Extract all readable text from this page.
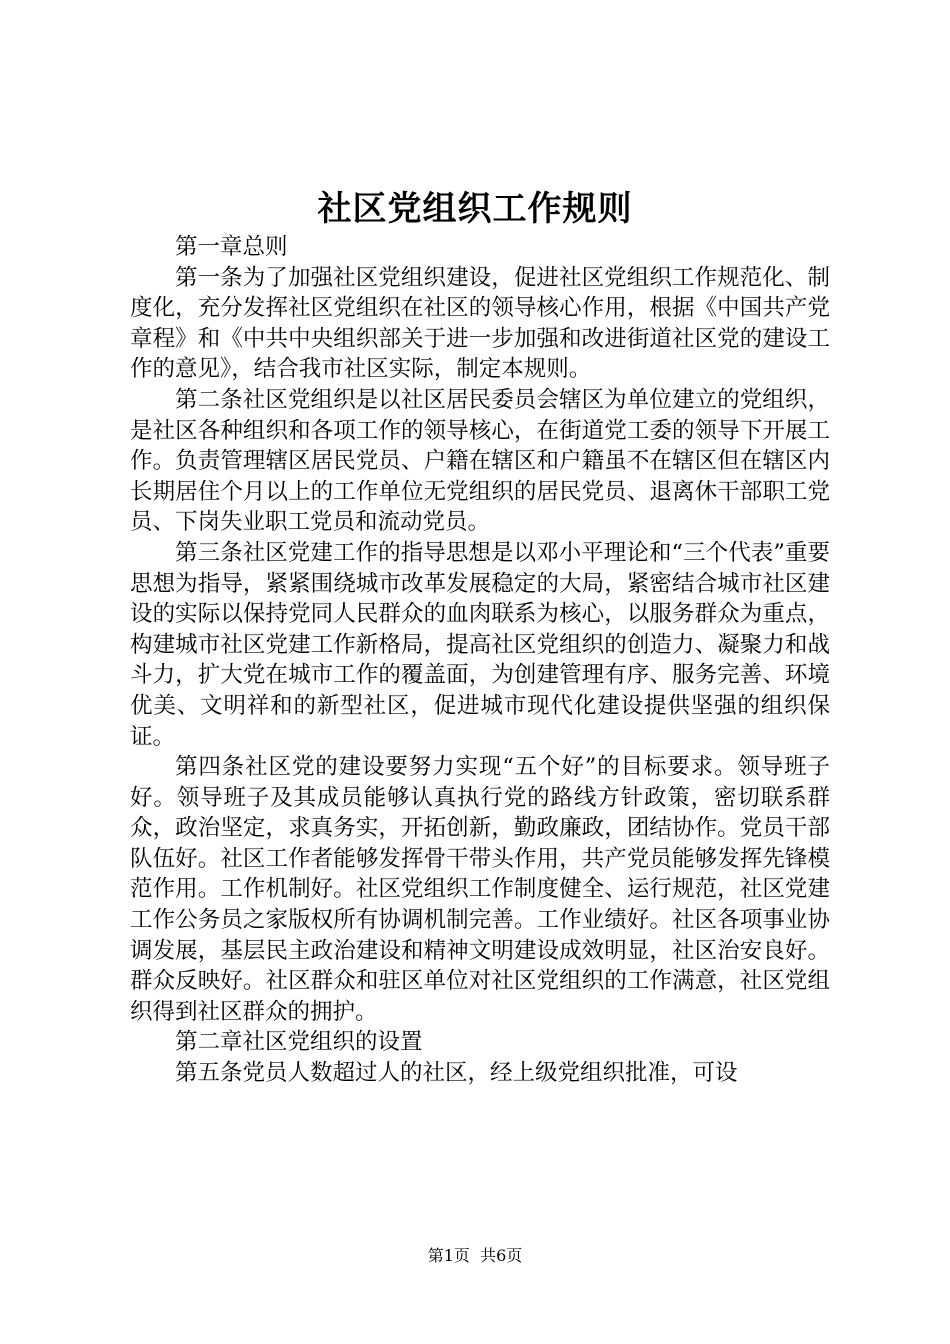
社区党组织工作规则

第一章总则

第一条为了加强社区党组织建设，促进社区党组织工作规范化、制度化，充分发挥社区党组织在社区的领导核心作用，根据《中国共产党章程》和《中共中央组织部关于进一步加强和改进街道社区党的建设工作的意见》，结合我市社区实际，制定本规则。

第二条社区党组织是以社区居民委员会辖区为单位建立的党组织，是社区各种组织和各项工作的领导核心，在街道党工委的领导下开展工作。负责管理辖区居民党员、户籍在辖区和户籍虽不在辖区但在辖区内长期居住个月以上的工作单位无党组织的居民党员、退离休干部职工党员、下岗失业职工党员和流动党员。

第三条社区党建工作的指导思想是以邓小平理论和“三个代表”重要思想为指导，紧紧围绕城市改革发展稳定的大局，紧密结合城市社区建设的实际以保持党同人民群众的血肉联系为核心，以服务群众为重点，构建城市社区党建工作新格局，提高社区党组织的创造力、凝聚力和战斗力，扩大党在城市工作的覆盖面，为创建管理有序、服务完善、环境优美、文明祥和的新型社区，促进城市现代化建设提供坚强的组织保证。

第四条社区党的建设要努力实现“五个好”的目标要求。领导班子好。领导班子及其成员能够认真执行党的路线方针政策，密切联系群众，政治坚定，求真务实，开拓创新，勤政廉政，团结协作。党员干部队伍好。社区工作者能够发挥骨干带头作用，共产党员能够发挥先锋模范作用。工作机制好。社区党组织工作制度健全、运行规范，社区党建工作公务员之家版权所有协调机制完善。工作业绩好。社区各项事业协调发展，基层民主政治建设和精神文明建设成效明显，社区治安良好。群众反映好。社区群众和驻区单位对社区党组织的工作满意，社区党组织得到社区群众的拥护。

第二章社区党组织的设置

第五条党员人数超过人的社区，经上级党组织批准，可设

第1页 共6页
